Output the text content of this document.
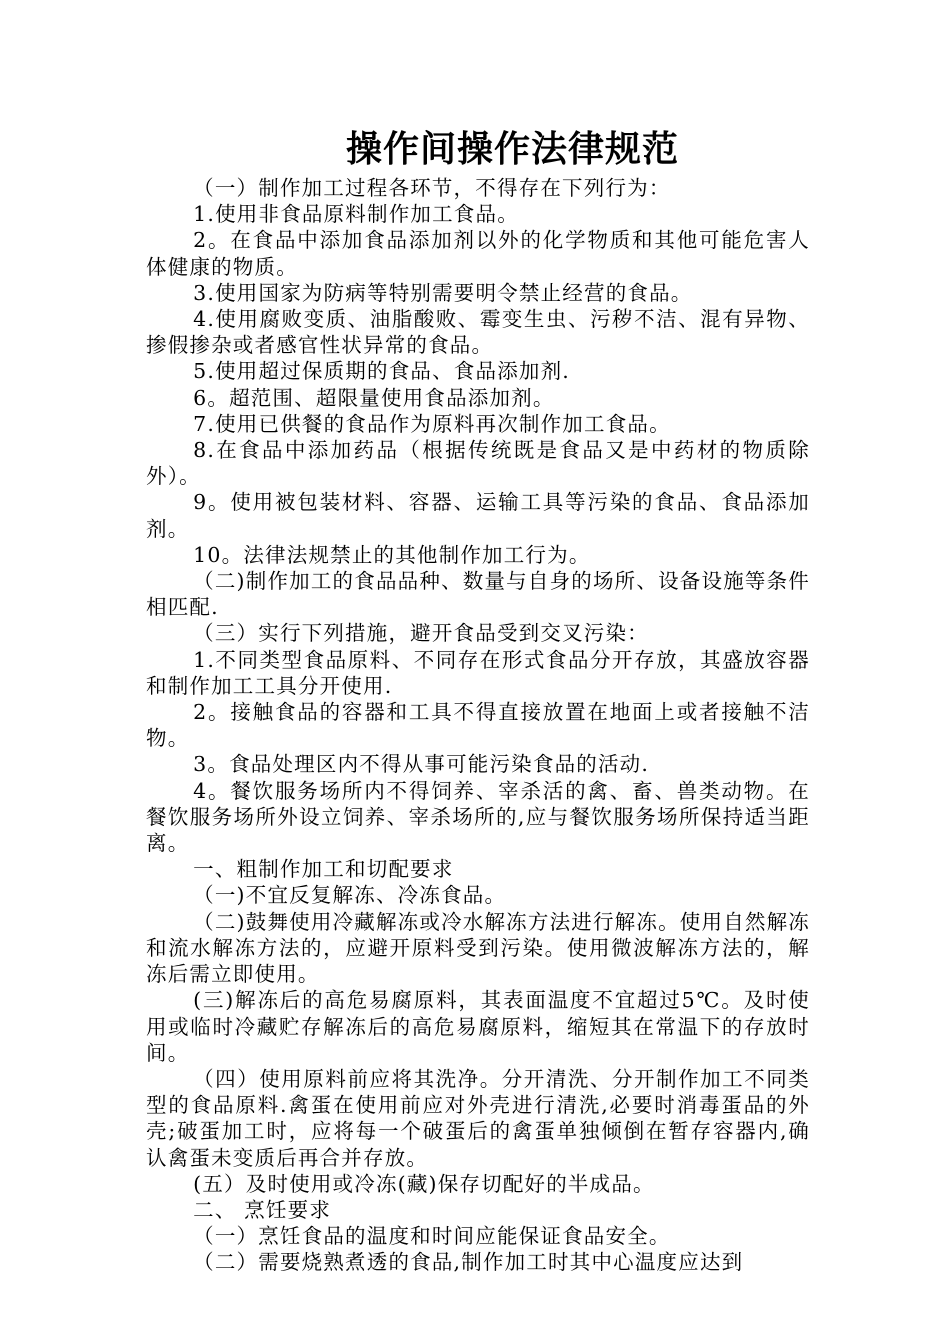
操作间操作法律规范

（一）制作加工过程各环节，不得存在下列行为：

1.使用非食品原料制作加工食品。

2。在食品中添加食品添加剂以外的化学物质和其他可能危害人体健康的物质。

3.使用国家为防病等特别需要明令禁止经营的食品。

4.使用腐败变质、油脂酸败、霉变生虫、污秽不洁、混有异物、掺假掺杂或者感官性状异常的食品。

5.使用超过保质期的食品、食品添加剂.

6。超范围、超限量使用食品添加剂。

7.使用已供餐的食品作为原料再次制作加工食品。

8.在食品中添加药品（根据传统既是食品又是中药材的物质除外）。

9。使用被包装材料、容器、运输工具等污染的食品、食品添加剂。

10。法律法规禁止的其他制作加工行为。

（二)制作加工的食品品种、数量与自身的场所、设备设施等条件相匹配.

（三）实行下列措施，避开食品受到交叉污染：

1.不同类型食品原料、不同存在形式食品分开存放，其盛放容器和制作加工工具分开使用.

2。接触食品的容器和工具不得直接放置在地面上或者接触不洁物。

3。食品处理区内不得从事可能污染食品的活动.

4。餐饮服务场所内不得饲养、宰杀活的禽、畜、兽类动物。在餐饮服务场所外设立饲养、宰杀场所的,应与餐饮服务场所保持适当距离。

一、粗制作加工和切配要求

（一)不宜反复解冻、冷冻食品。

（二)鼓舞使用冷藏解冻或冷水解冻方法进行解冻。使用自然解冻和流水解冻方法的，应避开原料受到污染。使用微波解冻方法的，解冻后需立即使用。

(三)解冻后的高危易腐原料，其表面温度不宜超过5℃。及时使用或临时冷藏贮存解冻后的高危易腐原料，缩短其在常温下的存放时间。

（四）使用原料前应将其洗净。分开清洗、分开制作加工不同类型的食品原料.禽蛋在使用前应对外壳进行清洗,必要时消毒蛋品的外壳;破蛋加工时，应将每一个破蛋后的禽蛋单独倾倒在暂存容器内,确认禽蛋未变质后再合并存放。

(五）及时使用或冷冻(藏)保存切配好的半成品。

二、 烹饪要求

（一）烹饪食品的温度和时间应能保证食品安全。

（二）需要烧熟煮透的食品,制作加工时其中心温度应达到
